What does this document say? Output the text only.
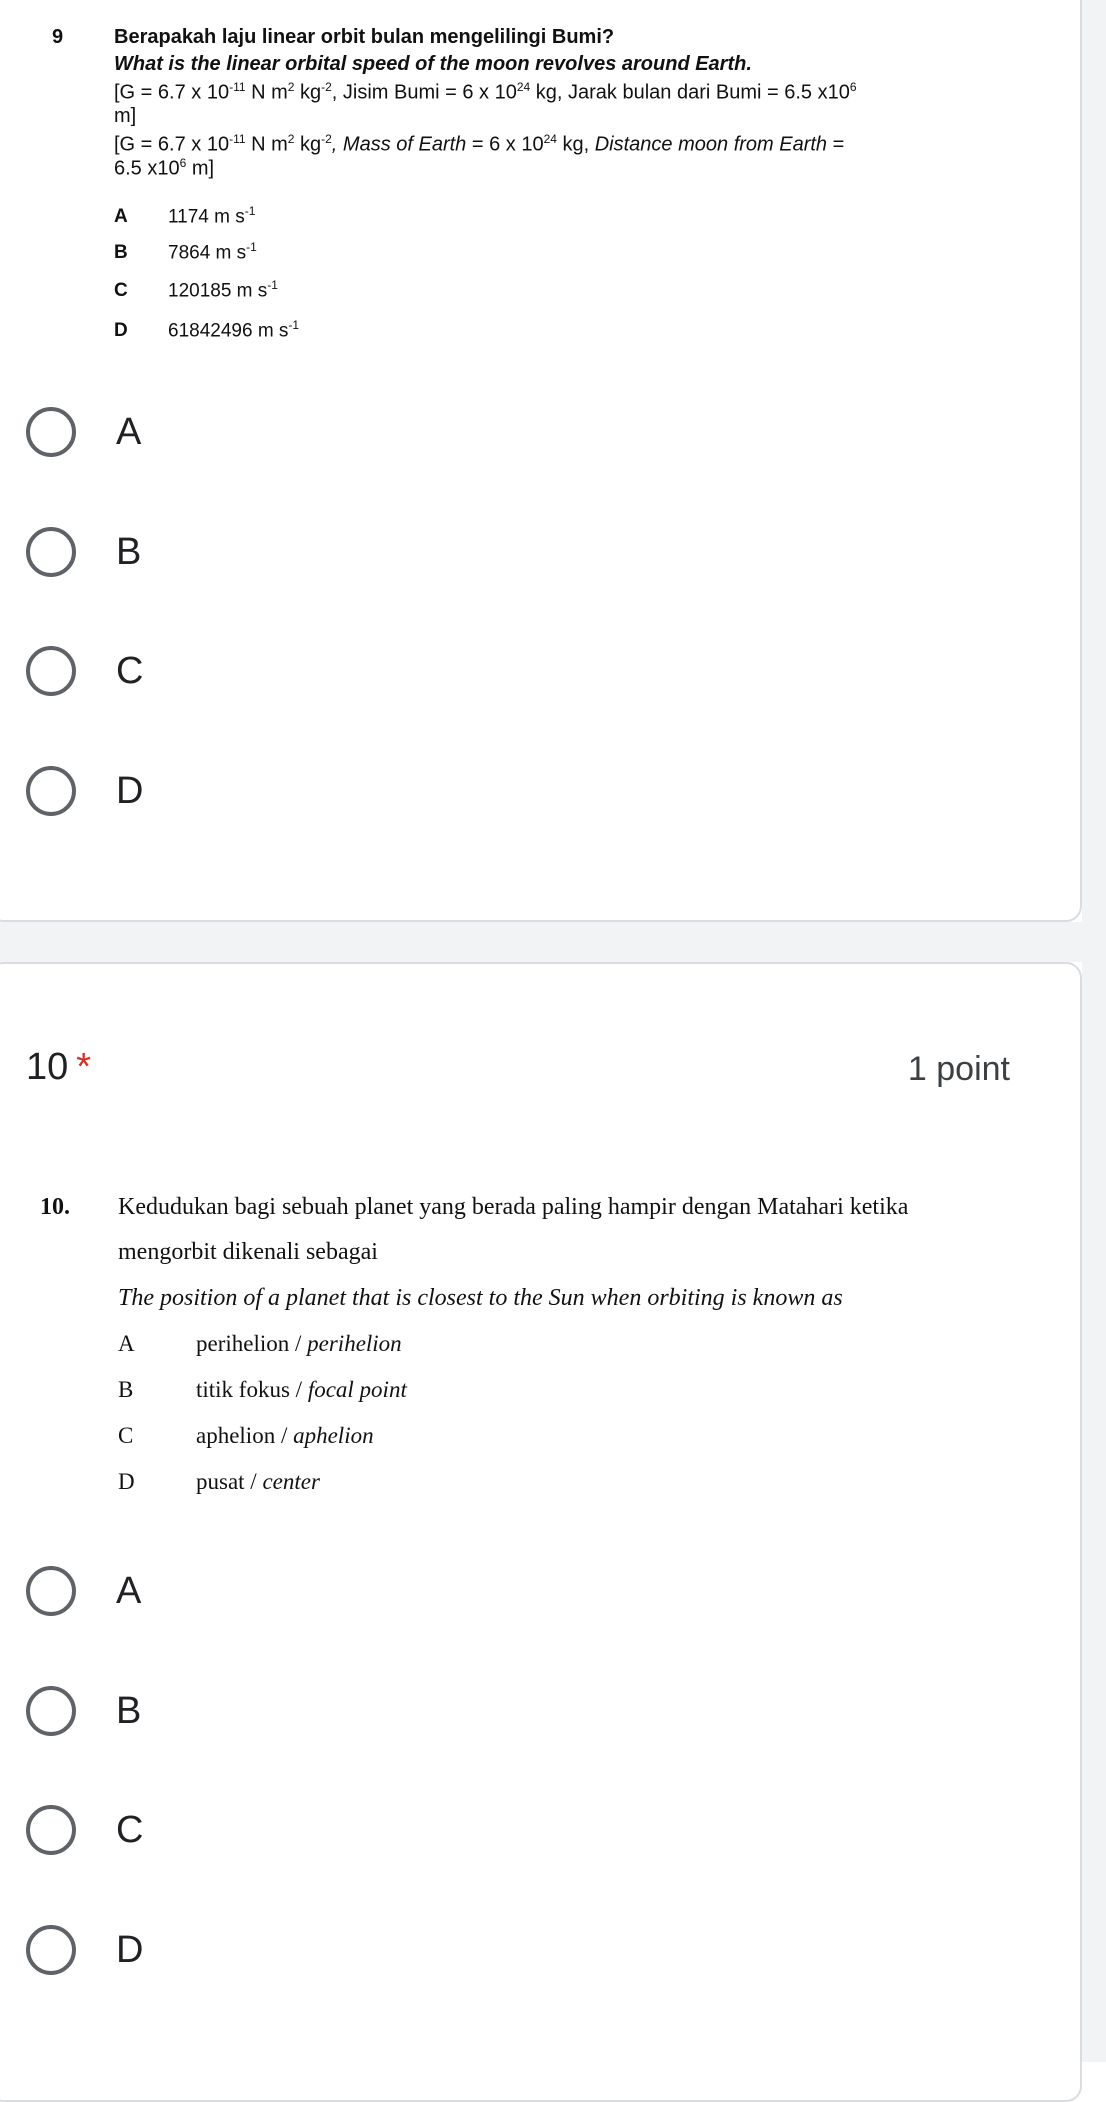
9	Berapakah laju linear orbit bulan mengelilingi Bumi?
What is the linear orbital speed of the moon revolves around Earth.
[G = 6.7 x $10^{-11}$ N $m^2$ $kg^{-2}$, Jisim Bumi = 6 x $10^{24}$ kg, Jarak bulan dari Bumi = 6.5 $x10^6$
m]
[G = 6.7 x $10^{-11}$ N $m^2$ $kg^{-2}$, Mass of Earth = 6 x $10^{24}$ kg, Distance moon from Earth =
6.5 $x10^6$ m]
A 1174 m $s^{-1}$
B 7864 m $s^{-1}$
C 120185 m $s^{-1}$
D 61842496 m $s^{-1}$
A
B
C
D
10 *	1 point
10. Kedudukan bagi sebuah planet yang berada paling hampir dengan Matahari ketika
mengorbit dikenali sebagai
The position of a planet that is closest to the Sun when orbiting is known as
A	perihelion / perihelion
B	titik fokus / focal point
C	aphelion / aphelion
D	pusat / center
A
B
C
D
